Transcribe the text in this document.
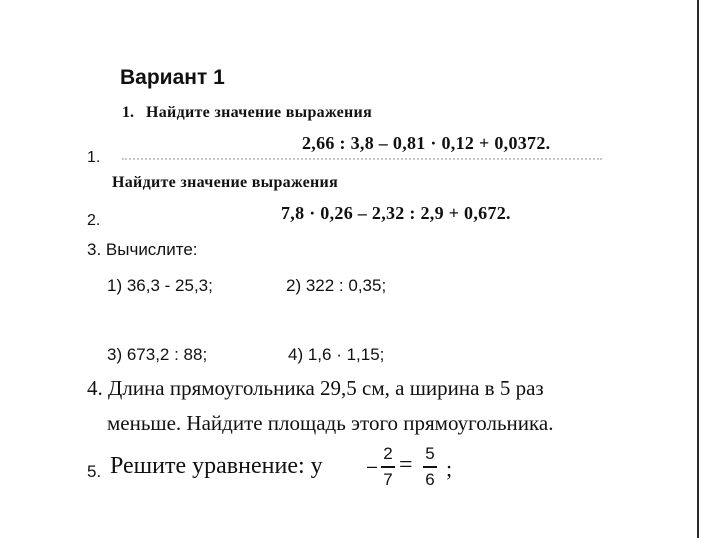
Вариант 1
1. Найдите значение выражения
2,66 : 3,8 – 0,81 · 0,12 + 0,0372.
1.
Найдите значение выражения
7,8 · 0,26 – 2,32 : 2,9 + 0,672.
2.
3. Вычислите:
1) 36,3 - 25,3;	2) 322 : 0,35;
3) 673,2 : 88;	4) 1,6 · 1,15;
4. Длина прямоугольника 29,5 см, а ширина в 5 раз
меньше. Найдите площадь этого прямоугольника.
5. Решите уравнение: у –
2
7
= 5
6 ;
